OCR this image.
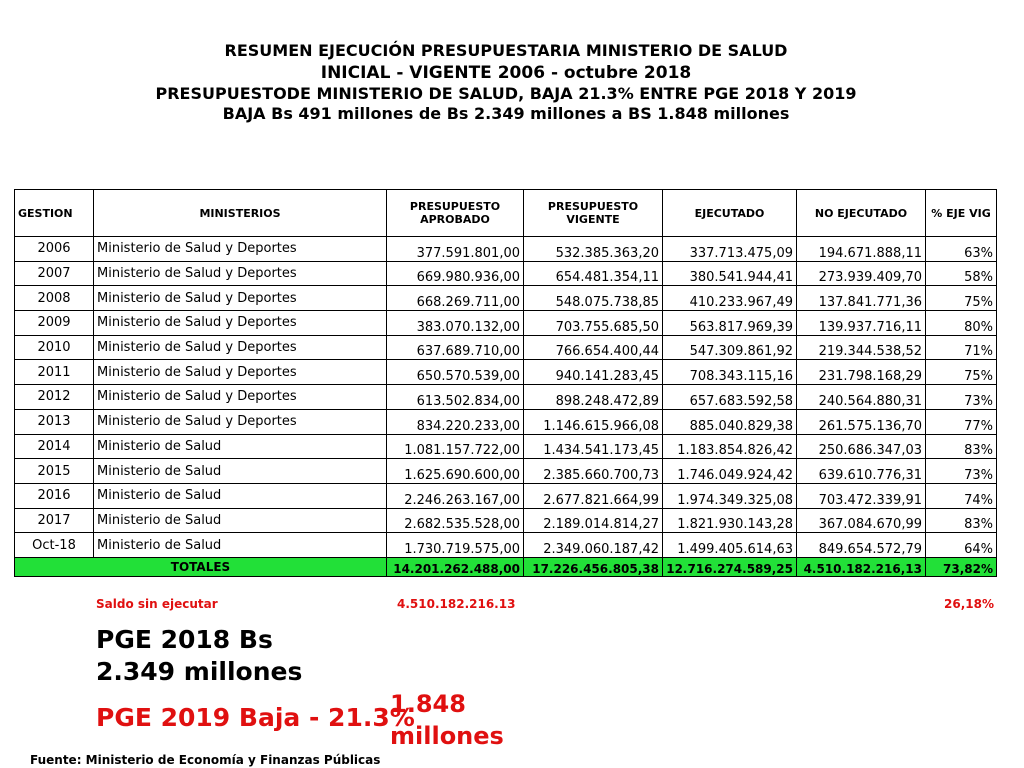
RESUMEN EJECUCIÓN PRESUPUESTARIA MINISTERIO DE SALUD
INICIAL - VIGENTE 2006 - octubre 2018
PRESUPUESTODE MINISTERIO DE SALUD, BAJA 21.3% ENTRE PGE 2018 Y 2019
BAJA Bs 491 millones de Bs 2.349 millones a BS 1.848 millones
GESTION	MINISTERIOS	PRESUPUESTO APROBADO	PRESUPUESTO VIGENTE	EJECUTADO	NO EJECUTADO	% EJE VIG
2006	Ministerio de Salud y Deportes	377.591.801,00	532.385.363,20	337.713.475,09	194.671.888,11	63%
2007	Ministerio de Salud y Deportes	669.980.936,00	654.481.354,11	380.541.944,41	273.939.409,70	58%
2008	Ministerio de Salud y Deportes	668.269.711,00	548.075.738,85	410.233.967,49	137.841.771,36	75%
2009	Ministerio de Salud y Deportes	383.070.132,00	703.755.685,50	563.817.969,39	139.937.716,11	80%
2010	Ministerio de Salud y Deportes	637.689.710,00	766.654.400,44	547.309.861,92	219.344.538,52	71%
2011	Ministerio de Salud y Deportes	650.570.539,00	940.141.283,45	708.343.115,16	231.798.168,29	75%
2012	Ministerio de Salud y Deportes	613.502.834,00	898.248.472,89	657.683.592,58	240.564.880,31	73%
2013	Ministerio de Salud y Deportes	834.220.233,00	1.146.615.966,08	885.040.829,38	261.575.136,70	77%
2014	Ministerio de Salud	1.081.157.722,00	1.434.541.173,45	1.183.854.826,42	250.686.347,03	83%
2015	Ministerio de Salud	1.625.690.600,00	2.385.660.700,73	1.746.049.924,42	639.610.776,31	73%
2016	Ministerio de Salud	2.246.263.167,00	2.677.821.664,99	1.974.349.325,08	703.472.339,91	74%
2017	Ministerio de Salud	2.682.535.528,00	2.189.014.814,27	1.821.930.143,28	367.084.670,99	83%
Oct-18	Ministerio de Salud	1.730.719.575,00	2.349.060.187,42	1.499.405.614,63	849.654.572,79	64%
TOTALES		14.201.262.488,00	17.226.456.805,38	12.716.274.589,25	4.510.182.216,13	73,82%
Saldo sin ejecutar	4.510.182.216.13	26,18%
PGE 2018 Bs 2.349 millones
PGE 2019 Baja - 21.3%
1.848 millones
Fuente: Ministerio de Economía y Finanzas Públicas
